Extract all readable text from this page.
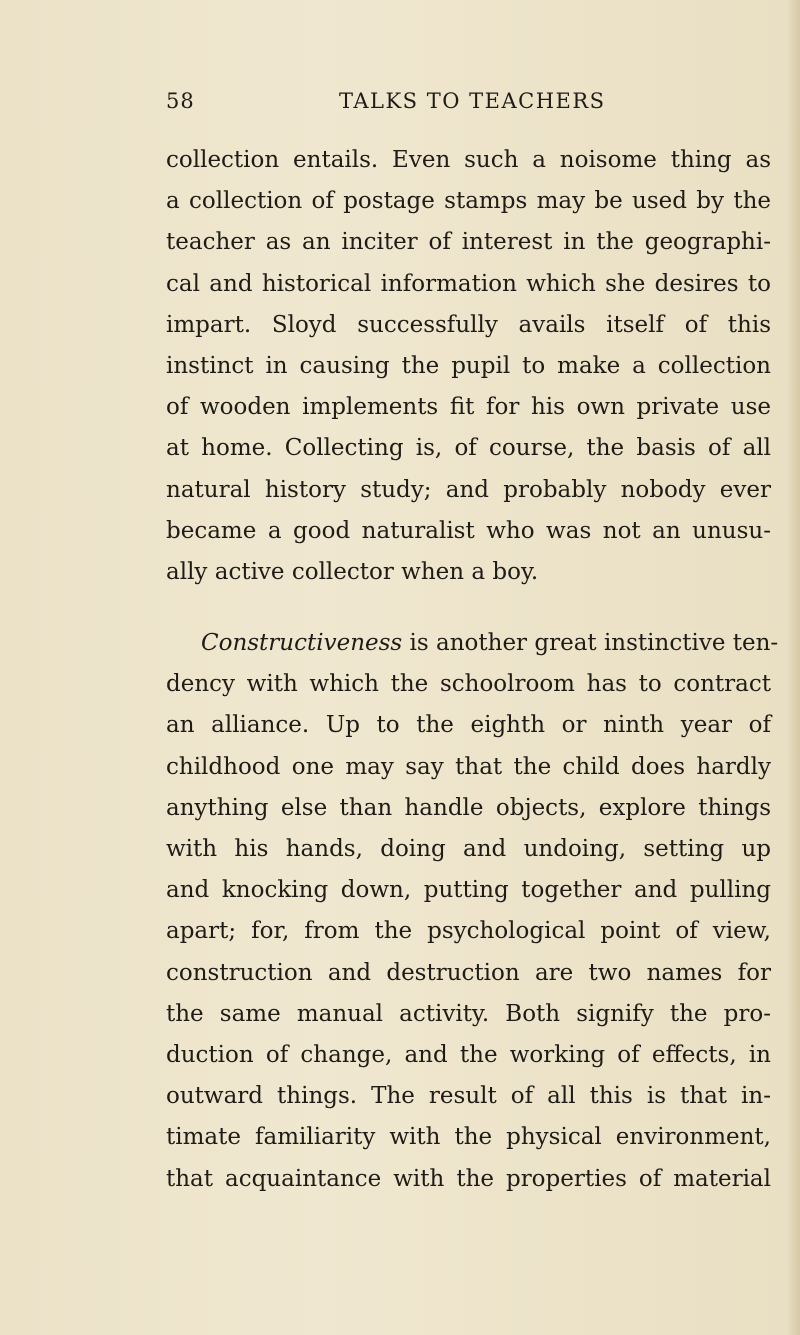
58	TALKS TO TEACHERS
collection entails. Even such a noisome thing as
a collection of postage stamps may be used by the
teacher as an inciter of interest in the geographi-
cal and historical information which she desires to
impart. Sloyd successfully avails itself of this
instinct in causing the pupil to make a collection
of wooden implements fit for his own private use
at home. Collecting is, of course, the basis of all
natural history study; and probably nobody ever
became a good naturalist who was not an unusu-
ally active collector when a boy.
Constructiveness is another great instinctive ten-
dency with which the schoolroom has to contract
an alliance. Up to the eighth or ninth year of
childhood one may say that the child does hardly
anything else than handle objects, explore things
with his hands, doing and undoing, setting up
and knocking down, putting together and pulling
apart; for, from the psychological point of view,
construction and destruction are two names for
the same manual activity. Both signify the pro-
duction of change, and the working of effects, in
outward things. The result of all this is that in-
timate familiarity with the physical environment,
that acquaintance with the properties of material
